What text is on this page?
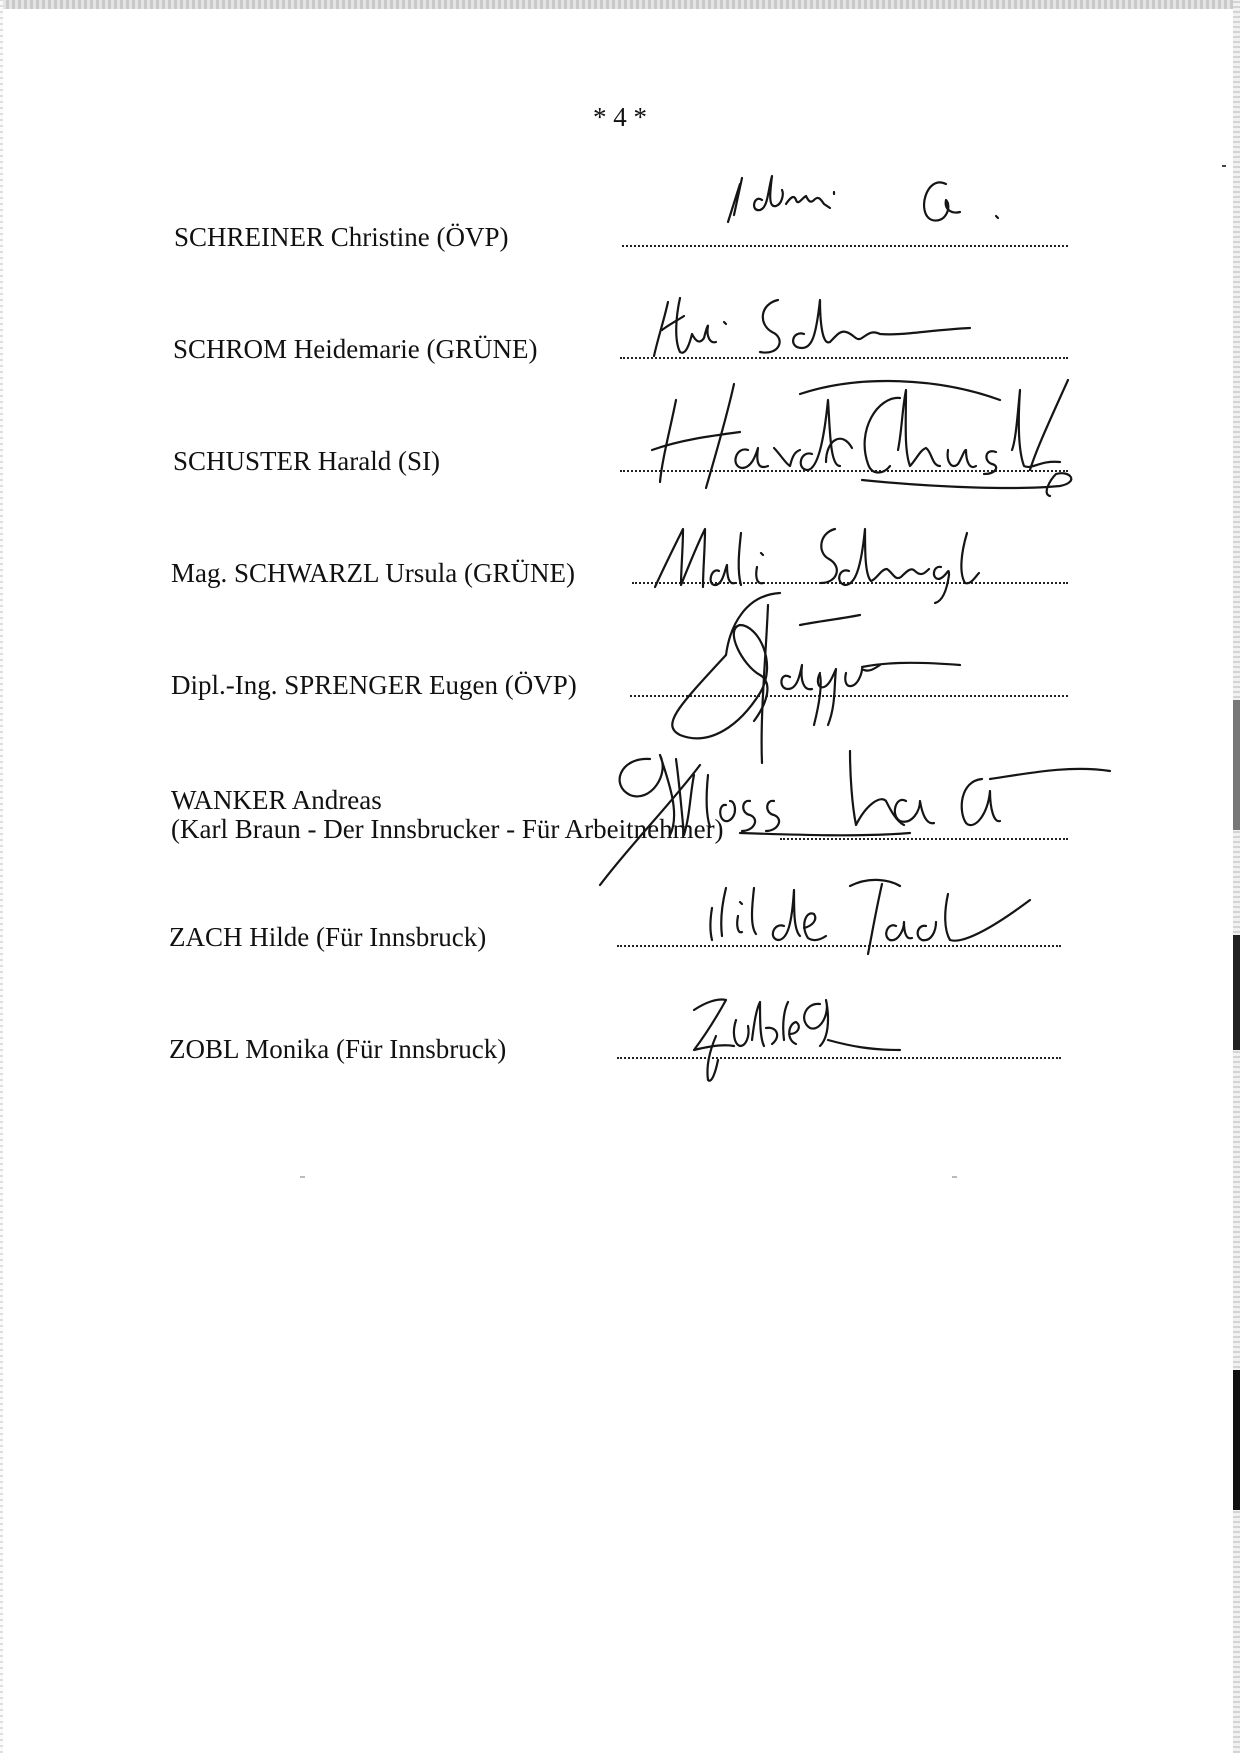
* 4 *
SCHREINER Christine (ÖVP)
SCHROM Heidemarie (GRÜNE)
SCHUSTER Harald (SI)
Mag. SCHWARZL Ursula (GRÜNE)
Dipl.-Ing. SPRENGER Eugen (ÖVP)
WANKER Andreas
(Karl Braun - Der Innsbrucker - Für Arbeitnehmer)
ZACH Hilde (Für Innsbruck)
ZOBL Monika (Für Innsbruck)
